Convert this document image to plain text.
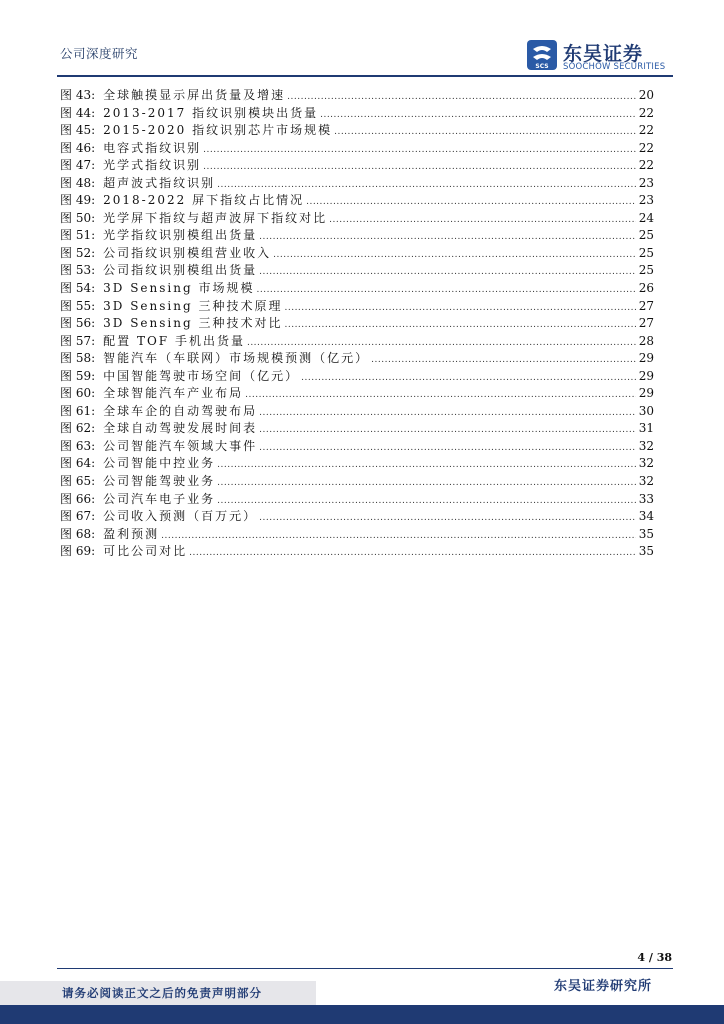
公司深度研究
SCS
东吴证券
SOOCHOW SECURITIES
图 43: 全球触摸显示屏出货量及增速 .....	20
图 44: 2013-2017 指纹识别模块出货量 .....	22
图 45: 2015-2020 指纹识别芯片市场规模 .....	22
图 46: 电容式指纹识别 .....	22
图 47: 光学式指纹识别 .....	22
图 48: 超声波式指纹识别 .....	23
图 49: 2018-2022 屏下指纹占比情况 .....	23
图 50: 光学屏下指纹与超声波屏下指纹对比 .....	24
图 51: 光学指纹识别模组出货量 .....	25
图 52: 公司指纹识别模组营业收入 .....	25
图 53: 公司指纹识别模组出货量 .....	25
图 54: 3D Sensing 市场规模 .....	26
图 55: 3D Sensing 三种技术原理 .....	27
图 56: 3D Sensing 三种技术对比 .....	27
图 57: 配置 TOF 手机出货量 .....	28
图 58: 智能汽车（车联网）市场规模预测（亿元） .....	29
图 59: 中国智能驾驶市场空间（亿元） .....	29
图 60: 全球智能汽车产业布局 .....	29
图 61: 全球车企的自动驾驶布局 .....	30
图 62: 全球自动驾驶发展时间表 .....	31
图 63: 公司智能汽车领域大事件 .....	32
图 64: 公司智能中控业务 .....	32
图 65: 公司智能驾驶业务 .....	32
图 66: 公司汽车电子业务 .....	33
图 67: 公司收入预测（百万元） .....	34
图 68: 盈利预测 .....	35
图 69: 可比公司对比 .....	35
4 / 38
东吴证券研究所
请务必阅读正文之后的免责声明部分
